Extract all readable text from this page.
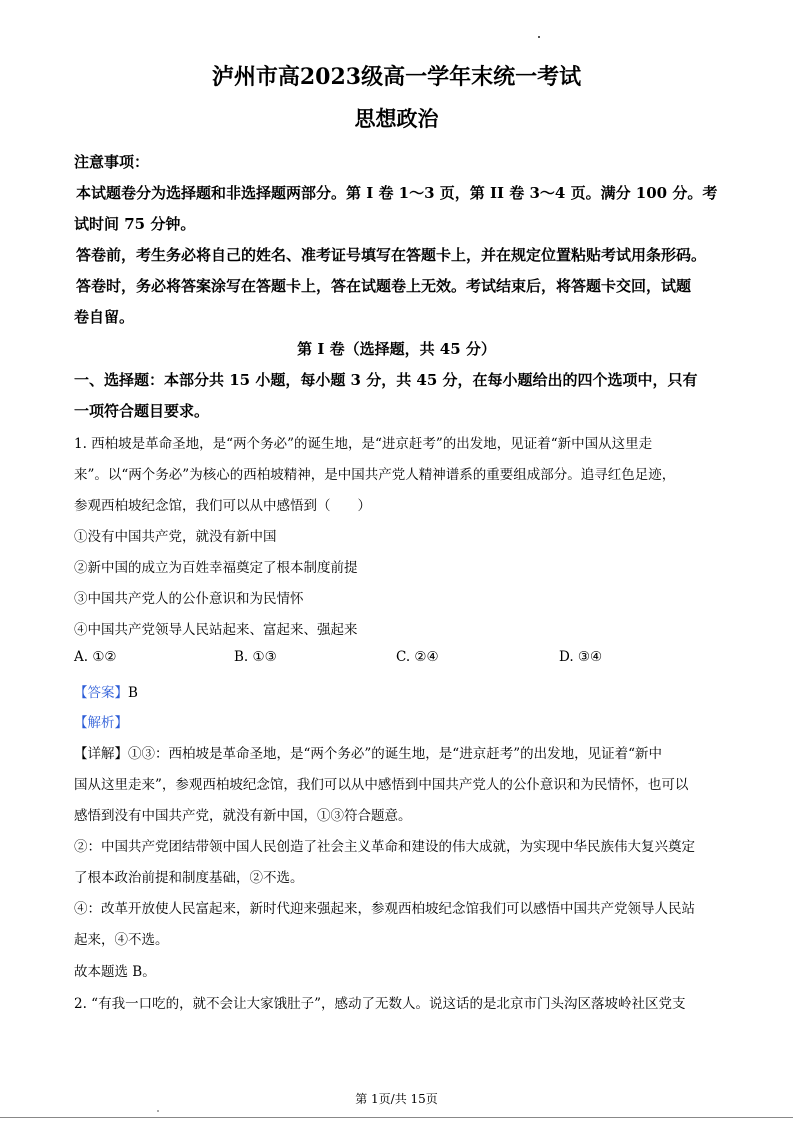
泸州市高2023级高一学年末统一考试
思想政治
注意事项：
本试题卷分为选择题和非选择题两部分。第 I 卷 1～3 页，第 II 卷 3～4 页。满分 100 分。考
试时间 75 分钟。
答卷前，考生务必将自己的姓名、准考证号填写在答题卡上，并在规定位置粘贴考试用条形码。
答卷时，务必将答案涂写在答题卡上，答在试题卷上无效。考试结束后，将答题卡交回，试题
卷自留。
第 I 卷（选择题，共 45 分）
一、选择题：本部分共 15 小题，每小题 3 分，共 45 分，在每小题给出的四个选项中，只有
一项符合题目要求。
1. 西柏坡是革命圣地，是“两个务必”的诞生地，是“进京赶考”的出发地，见证着“新中国从这里走
来”。以“两个务必”为核心的西柏坡精神，是中国共产党人精神谱系的重要组成部分。追寻红色足迹，
参观西柏坡纪念馆，我们可以从中感悟到（　　）
①没有中国共产党，就没有新中国
②新中国的成立为百姓幸福奠定了根本制度前提
③中国共产党人的公仆意识和为民情怀
④中国共产党领导人民站起来、富起来、强起来
A. ①②	B. ①③	C. ②④	D. ③④
【答案】B
【解析】
【详解】①③：西柏坡是革命圣地，是“两个务必”的诞生地，是“进京赶考”的出发地，见证着“新中
国从这里走来”，参观西柏坡纪念馆，我们可以从中感悟到中国共产党人的公仆意识和为民情怀，也可以
感悟到没有中国共产党，就没有新中国，①③符合题意。
②：中国共产党团结带领中国人民创造了社会主义革命和建设的伟大成就，为实现中华民族伟大复兴奠定
了根本政治前提和制度基础，②不选。
④：改革开放使人民富起来，新时代迎来强起来，参观西柏坡纪念馆我们可以感悟中国共产党领导人民站
起来，④不选。
故本题选 B。
2. “有我一口吃的，就不会让大家饿肚子”，感动了无数人。说这话的是北京市门头沟区落坡岭社区党支
第 1页/共 15页
